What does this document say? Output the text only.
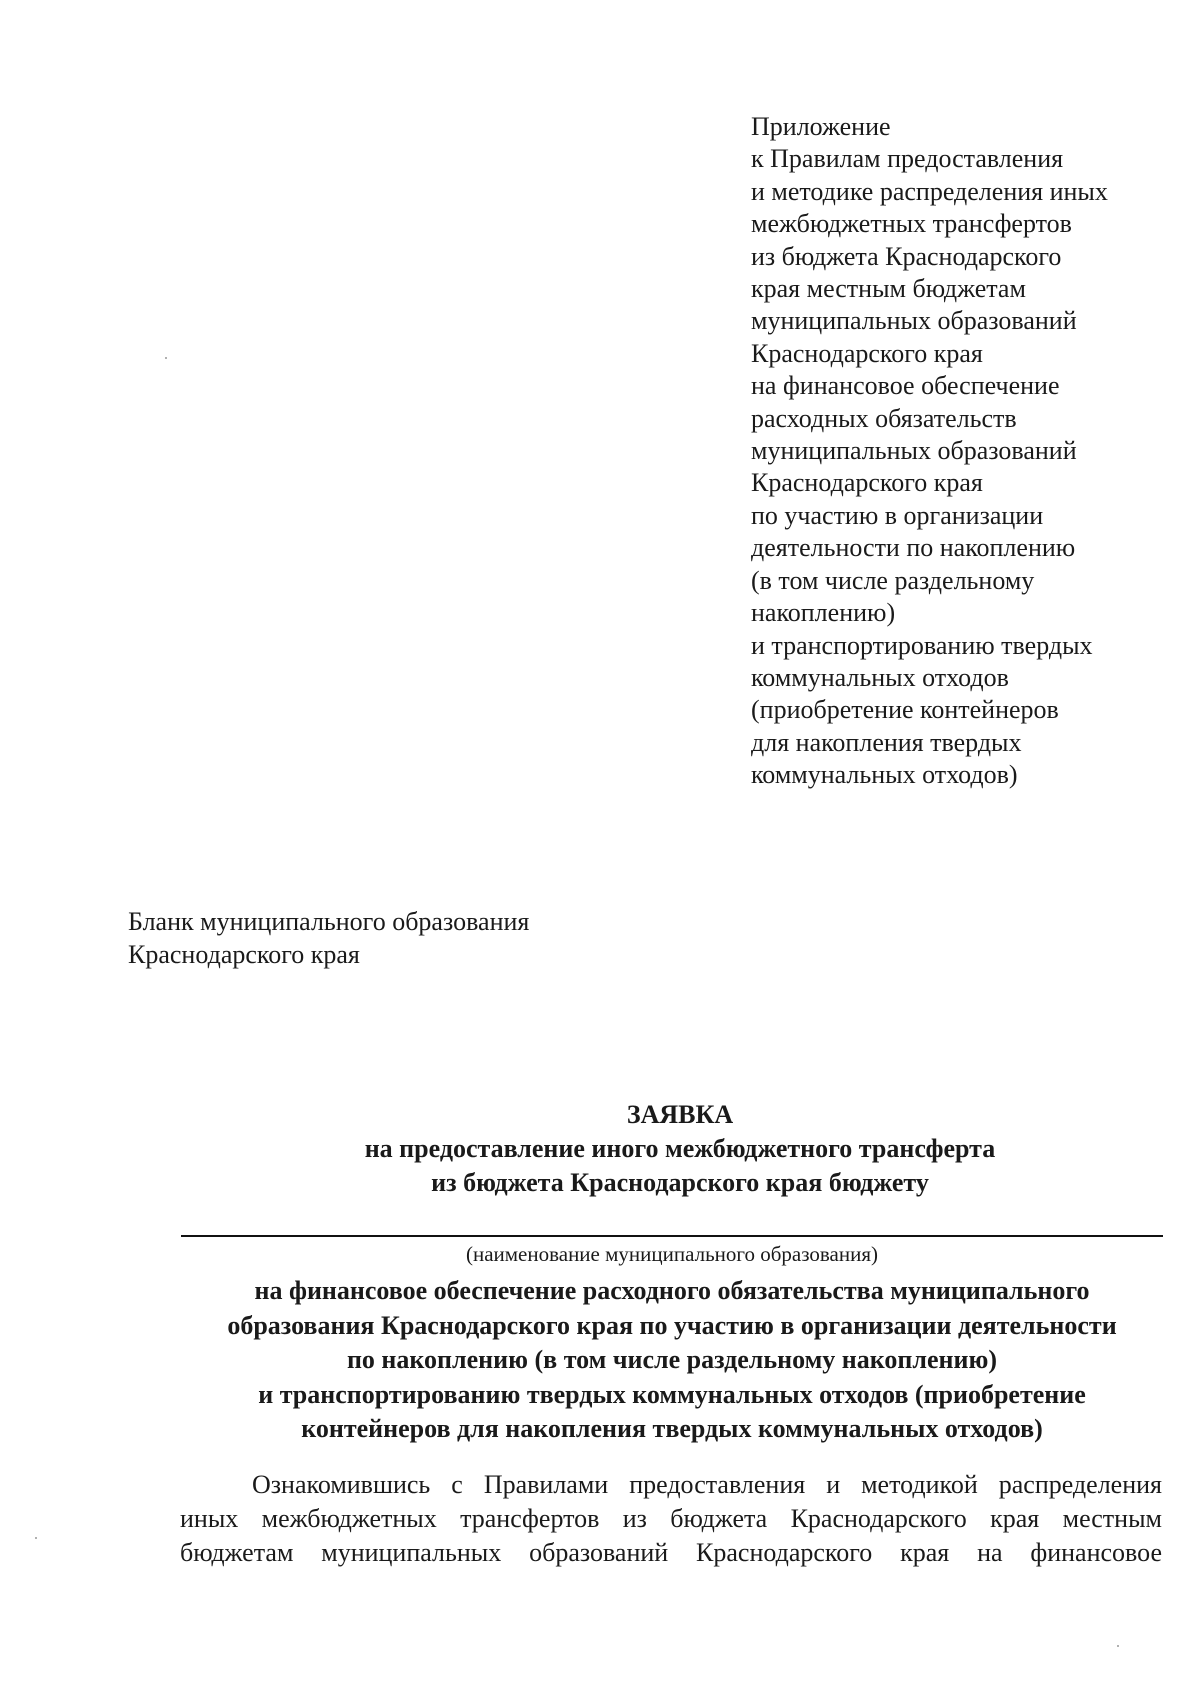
Приложение
к Правилам предоставления
и методике распределения иных
межбюджетных трансфертов
из бюджета Краснодарского
края местным бюджетам
муниципальных образований
Краснодарского края
на финансовое обеспечение
расходных обязательств
муниципальных образований
Краснодарского края
по участию в организации
деятельности по накоплению
(в том числе раздельному
накоплению)
и транспортированию твердых
коммунальных отходов
(приобретение контейнеров
для накопления твердых
коммунальных отходов)
Бланк муниципального образования
Краснодарского края
ЗАЯВКА
на предоставление иного межбюджетного трансферта
из бюджета Краснодарского края бюджету
(наименование муниципального образования)
на финансовое обеспечение расходного обязательства муниципального
образования Краснодарского края по участию в организации деятельности
по накоплению (в том числе раздельному накоплению)
и транспортированию твердых коммунальных отходов (приобретение
контейнеров для накопления твердых коммунальных отходов)
Ознакомившись с Правилами предоставления и методикой распределения
иных межбюджетных трансфертов из бюджета Краснодарского края местным
бюджетам муниципальных образований Краснодарского края на финансовое
